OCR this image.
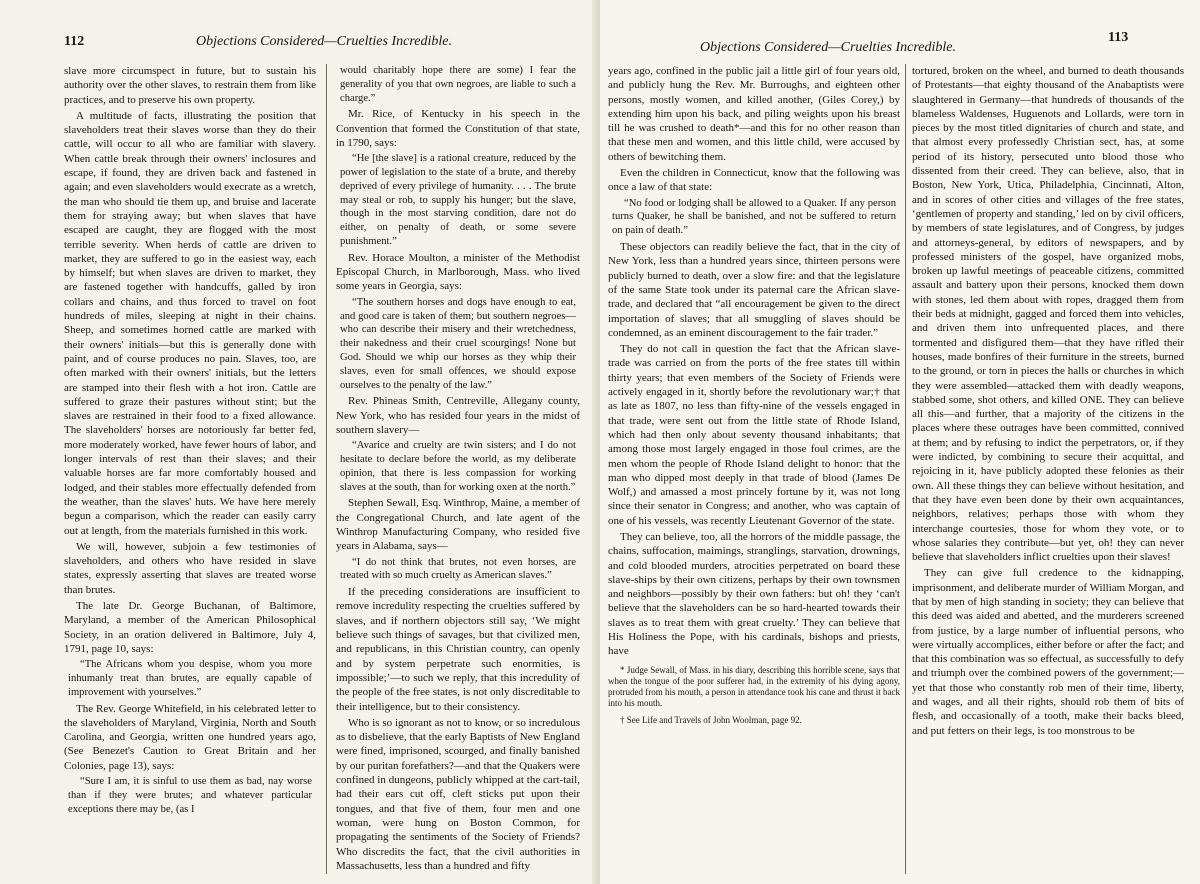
112	Objections Considered—Cruelties Incredible.

slave more circumspect in future, but to sustain his authority over the other slaves, to restrain them from like practices, and to preserve his own property.

A multitude of facts, illustrating the position that slaveholders treat their slaves worse than they do their cattle, will occur to all who are familiar with slavery. When cattle break through their owners' inclosures and escape, if found, they are driven back and fastened in again; and even slaveholders would execrate as a wretch, the man who should tie them up, and bruise and lacerate them for straying away; but when slaves that have escaped are caught, they are flogged with the most terrible severity. When herds of cattle are driven to market, they are suffered to go in the easiest way, each by himself; but when slaves are driven to market, they are fastened together with handcuffs, galled by iron collars and chains, and thus forced to travel on foot hundreds of miles, sleeping at night in their chains. Sheep, and sometimes horned cattle are marked with their owners' initials—but this is generally done with paint, and of course produces no pain. Slaves, too, are often marked with their owners' initials, but the letters are stamped into their flesh with a hot iron. Cattle are suffered to graze their pastures without stint; but the slaves are restrained in their food to a fixed allowance. The slaveholders' horses are notoriously far better fed, more moderately worked, have fewer hours of labor, and longer intervals of rest than their slaves; and their valuable horses are far more comfortably housed and lodged, and their stables more effectually defended from the weather, than the slaves' huts. We have here merely begun a comparison, which the reader can easily carry out at length, from the materials furnished in this work.

We will, however, subjoin a few testimonies of slaveholders, and others who have resided in slave states, expressly asserting that slaves are treated worse than brutes.

The late Dr. George Buchanan, of Baltimore, Maryland, a member of the American Philosophical Society, in an oration delivered in Baltimore, July 4, 1791, page 10, says:

“The Africans whom you despise, whom you more inhumanly treat than brutes, are equally capable of improvement with yourselves.”

The Rev. George Whitefield, in his celebrated letter to the slaveholders of Maryland, Virginia, North and South Carolina, and Georgia, written one hundred years ago, (See Benezet's Caution to Great Britain and her Colonies, page 13), says:

“Sure I am, it is sinful to use them as bad, nay worse than if they were brutes; and whatever particular exceptions there may be, (as I

would charitably hope there are some) I fear the generality of you that own negroes, are liable to such a charge.”

Mr. Rice, of Kentucky in his speech in the Convention that formed the Constitution of that state, in 1790, says:

“He [the slave] is a rational creature, reduced by the power of legislation to the state of a brute, and thereby deprived of every privilege of humanity. . . . The brute may steal or rob, to supply his hunger; but the slave, though in the most starving condition, dare not do either, on penalty of death, or some severe punishment.”

Rev. Horace Moulton, a minister of the Methodist Episcopal Church, in Marlborough, Mass. who lived some years in Georgia, says:

“The southern horses and dogs have enough to eat, and good care is taken of them; but southern negroes—who can describe their misery and their wretchedness, their nakedness and their cruel scourgings! None but God. Should we whip our horses as they whip their slaves, even for small offences, we should expose ourselves to the penalty of the law.”

Rev. Phineas Smith, Centreville, Allegany county, New York, who has resided four years in the midst of southern slavery—

“Avarice and cruelty are twin sisters; and I do not hesitate to declare before the world, as my deliberate opinion, that there is less compassion for working slaves at the south, than for working oxen at the north.”

Stephen Sewall, Esq. Winthrop, Maine, a member of the Congregational Church, and late agent of the Winthrop Manufacturing Company, who resided five years in Alabama, says—

“I do not think that brutes, not even horses, are treated with so much cruelty as American slaves.”

If the preceding considerations are insufficient to remove incredulity respecting the cruelties suffered by slaves, and if northern objectors still say, ‘We might believe such things of savages, but that civilized men, and republicans, in this Christian country, can openly and by system perpetrate such enormities, is impossible;’—to such we reply, that this incredulity of the people of the free states, is not only discreditable to their intelligence, but to their consistency.

Who is so ignorant as not to know, or so incredulous as to disbelieve, that the early Baptists of New England were fined, imprisoned, scourged, and finally banished by our puritan forefathers?—and that the Quakers were confined in dungeons, publicly whipped at the cart-tail, had their ears cut off, cleft sticks put upon their tongues, and that five of them, four men and one woman, were hung on Boston Common, for propagating the sentiments of the Society of Friends? Who discredits the fact, that the civil authorities in Massachusetts, less than a hundred and fifty

Objections Considered—Cruelties Incredible.
113

years ago, confined in the public jail a little girl of four years old, and publicly hung the Rev. Mr. Burroughs, and eighteen other persons, mostly women, and killed another, (Giles Corey,) by extending him upon his back, and piling weights upon his breast till he was crushed to death*—and this for no other reason than that these men and women, and this little child, were accused by others of bewitching them.

Even the children in Connecticut, know that the following was once a law of that state:

“No food or lodging shall be allowed to a Quaker. If any person turns Quaker, he shall be banished, and not be suffered to return on pain of death.”

These objectors can readily believe the fact, that in the city of New York, less than a hundred years since, thirteen persons were publicly burned to death, over a slow fire: and that the legislature of the same State took under its paternal care the African slave-trade, and declared that “all encouragement be given to the direct importation of slaves; that all smuggling of slaves should be condemned, as an eminent discouragement to the fair trader.”

They do not call in question the fact that the African slave-trade was carried on from the ports of the free states till within thirty years; that even members of the Society of Friends were actively engaged in it, shortly before the revolutionary war;† that as late as 1807, no less than fifty-nine of the vessels engaged in that trade, were sent out from the little state of Rhode Island, which had then only about seventy thousand inhabitants; that among those most largely engaged in those foul crimes, are the men whom the people of Rhode Island delight to honor: that the man who dipped most deeply in that trade of blood (James De Wolf,) and amassed a most princely fortune by it, was not long since their senator in Congress; and another, who was captain of one of his vessels, was recently Lieutenant Governor of the state.

They can believe, too, all the horrors of the middle passage, the chains, suffocation, maimings, stranglings, starvation, drownings, and cold blooded murders, atrocities perpetrated on board these slave-ships by their own citizens, perhaps by their own townsmen and neighbors—possibly by their own fathers: but oh! they ‘can't believe that the slaveholders can be so hard-hearted towards their slaves as to treat them with great cruelty.’ They can believe that His Holiness the Pope, with his cardinals, bishops and priests, have

* Judge Sewall, of Mass. in his diary, describing this horrible scene, says that when the tongue of the poor sufferer had, in the extremity of his dying agony, protruded from his mouth, a person in attendance took his cane and thrust it back into his mouth.

† See Life and Travels of John Woolman, page 92.

tortured, broken on the wheel, and burned to death thousands of Protestants—that eighty thousand of the Anabaptists were slaughtered in Germany—that hundreds of thousands of the blameless Waldenses, Huguenots and Lollards, were torn in pieces by the most titled dignitaries of church and state, and that almost every professedly Christian sect, has, at some period of its history, persecuted unto blood those who dissented from their creed. They can believe, also, that in Boston, New York, Utica, Philadelphia, Cincinnati, Alton, and in scores of other cities and villages of the free states, ‘gentlemen of property and standing,’ led on by civil officers, by members of state legislatures, and of Congress, by judges and attorneys-general, by editors of newspapers, and by professed ministers of the gospel, have organized mobs, broken up lawful meetings of peaceable citizens, committed assault and battery upon their persons, knocked them down with stones, led them about with ropes, dragged them from their beds at midnight, gagged and forced them into vehicles, and driven them into unfrequented places, and there tormented and disfigured them—that they have rifled their houses, made bonfires of their furniture in the streets, burned to the ground, or torn in pieces the halls or churches in which they were assembled—attacked them with deadly weapons, stabbed some, shot others, and killed ONE. They can believe all this—and further, that a majority of the citizens in the places where these outrages have been committed, connived at them; and by refusing to indict the perpetrators, or, if they were indicted, by combining to secure their acquittal, and rejoicing in it, have publicly adopted these felonies as their own. All these things they can believe without hesitation, and that they have even been done by their own acquaintances, neighbors, relatives; perhaps those with whom they interchange courtesies, those for whom they vote, or to whose salaries they contribute—but yet, oh! they can never believe that slaveholders inflict cruelties upon their slaves!

They can give full credence to the kidnapping, imprisonment, and deliberate murder of William Morgan, and that by men of high standing in society; they can believe that this deed was aided and abetted, and the murderers screened from justice, by a large number of influential persons, who were virtually accomplices, either before or after the fact; and that this combination was so effectual, as successfully to defy and triumph over the combined powers of the government;—yet that those who constantly rob men of their time, liberty, and wages, and all their rights, should rob them of bits of flesh, and occasionally of a tooth, make their backs bleed, and put fetters on their legs, is too monstrous to be
